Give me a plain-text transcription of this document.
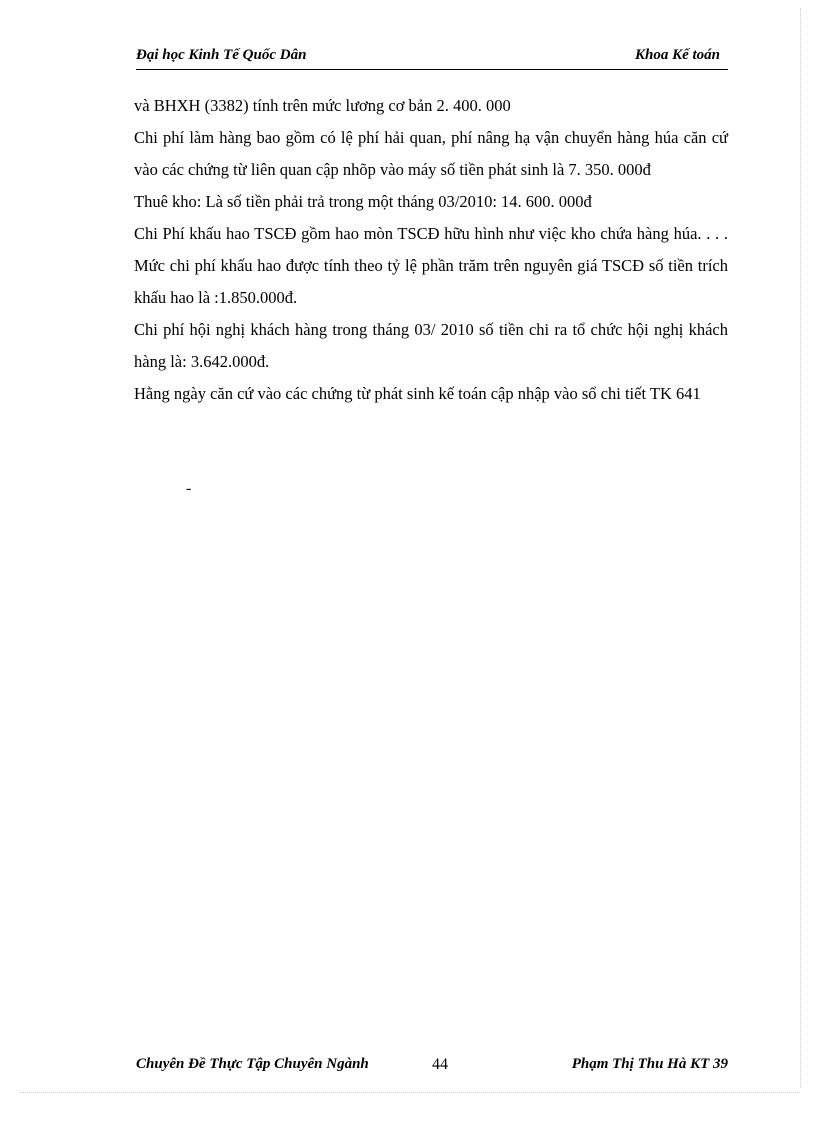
Đại học Kinh Tế Quốc Dân	Khoa Kế toán

và BHXH (3382) tính trên mức lương cơ bản 2. 400. 000

Chi phí làm hàng bao gồm có lệ phí hải quan, phí nâng hạ vận chuyển hàng húa căn cứ vào các chứng từ liên quan cập nhõp vào máy số tiền phát sinh là 7. 350. 000đ

Thuê kho: Là số tiền phải trả trong một tháng 03/2010: 14. 600. 000đ

Chi Phí khấu hao TSCĐ gồm hao mòn TSCĐ hữu hình như việc kho chứa hàng húa. . . . Mức chi phí khấu hao được tính theo tỷ lệ phần trăm trên nguyên giá TSCĐ số tiền trích khấu hao là :1.850.000đ.

Chi phí hội nghị khách hàng trong tháng 03/ 2010 số tiền chi ra tổ chức hội nghị khách hàng là: 3.642.000đ.

Hằng ngày căn cứ vào các chứng từ phát sinh kế toán cập nhập vào sổ chi tiết TK 641

-
Chuyên Đề Thực Tập Chuyên Ngành	44	Phạm Thị Thu Hà KT 39
